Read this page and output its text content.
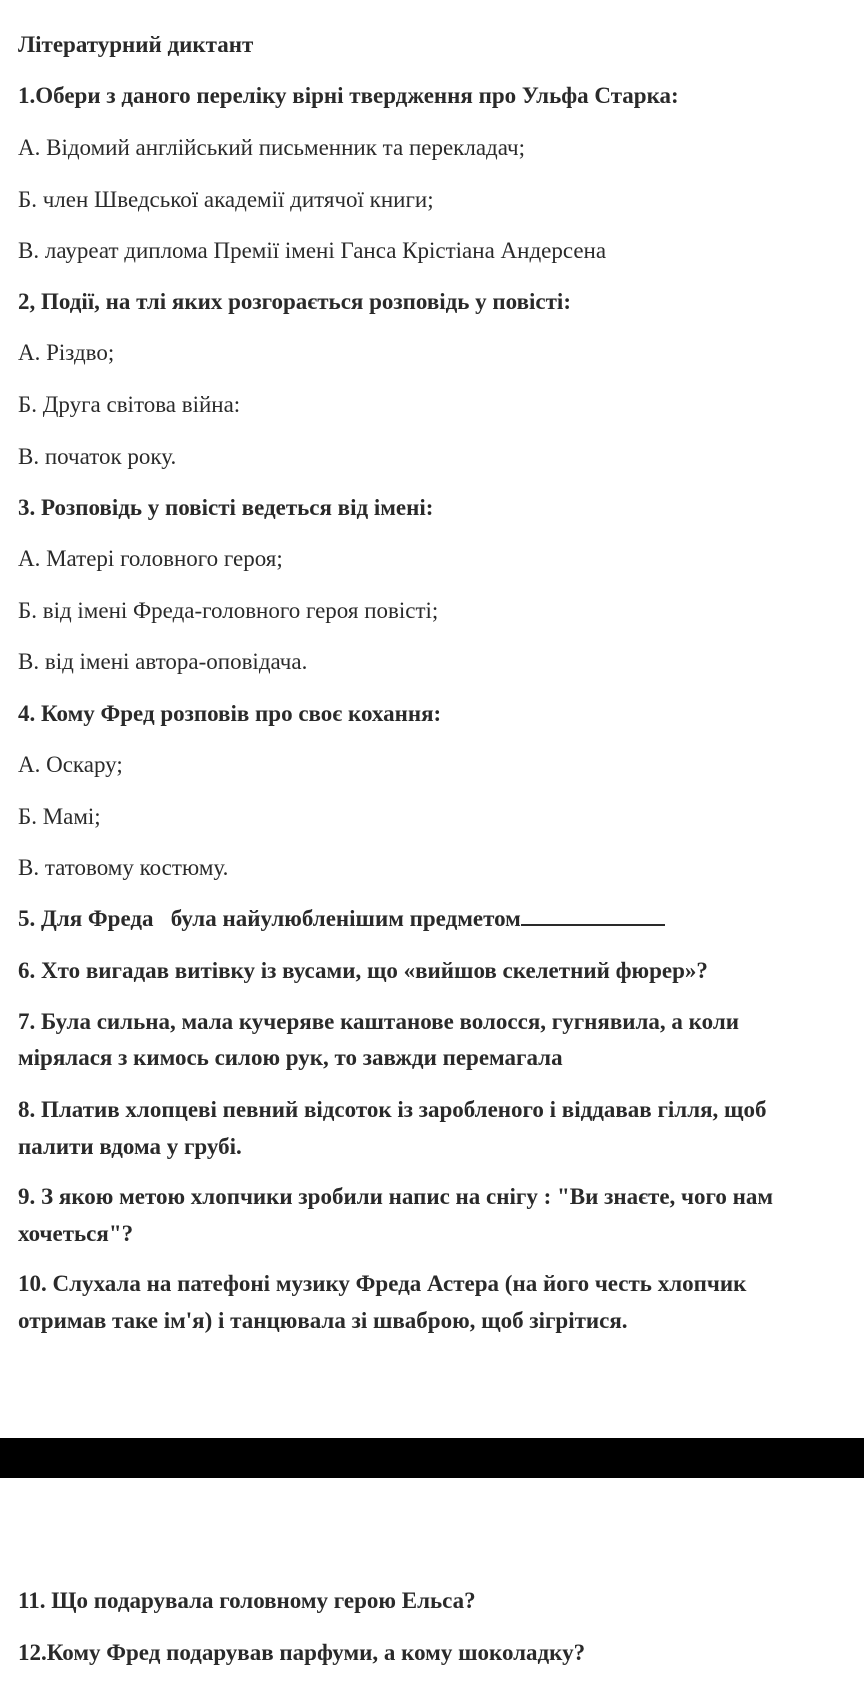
Літературний диктант
1.Обери з даного переліку вірні твердження про Ульфа Старка:
А. Відомий англійський письменник та перекладач;
Б. член Шведської академії дитячої книги;
В. лауреат диплома Премії імені Ганса Крістіана Андерсена
2, Події, на тлі яких розгорається розповідь у повісті:
А. Різдво;
Б. Друга світова війна:
В. початок року.
3. Розповідь у повісті ведеться від імені:
А. Матері головного героя;
Б. від імені Фреда-головного героя повісті;
В. від імені автора-оповідача.
4. Кому Фред розповів про своє кохання:
А. Оскару;
Б. Мамі;
В. татовому костюму.
5. Для Фреда   була найулюбленішим предметом
6. Хто вигадав витівку із вусами, що «вийшов скелетний фюрер»?
7. Була сильна, мала кучеряве каштанове волосся, гугнявила, а коли
мірялася з кимось силою рук, то завжди перемагала
8. Платив хлопцеві певний відсоток із заробленого і віддавав гілля, щоб
палити вдома у грубі.
9. З якою метою хлопчики зробили напис на снігу : "Ви знаєте, чого нам
хочеться"?
10. Слухала на патефоні музику Фреда Астера (на його честь хлопчик
отримав таке ім'я) і танцювала зі шваброю, щоб зігрітися.
11. Що подарувала головному герою Ельса?
12.Кому Фред подарував парфуми, а кому шоколадку?
